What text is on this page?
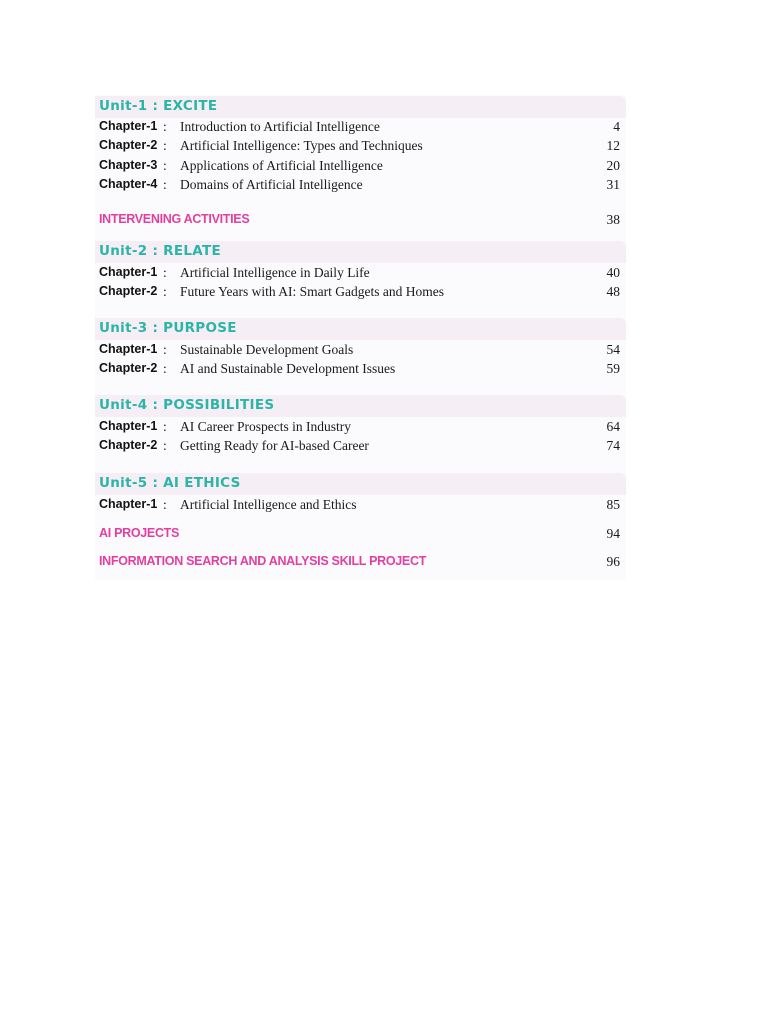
Unit-1 : EXCITE
Chapter-1 : Introduction to Artificial Intelligence	4
Chapter-2 : Artificial Intelligence: Types and Techniques	12
Chapter-3 : Applications of Artificial Intelligence	20
Chapter-4 : Domains of Artificial Intelligence	31
INTERVENING ACTIVITIES	38
Unit-2 : RELATE
Chapter-1 : Artificial Intelligence in Daily Life	40
Chapter-2 : Future Years with AI: Smart Gadgets and Homes	48
Unit-3 : PURPOSE
Chapter-1 : Sustainable Development Goals	54
Chapter-2 : AI and Sustainable Development Issues	59
Unit-4 : POSSIBILITIES
Chapter-1 : AI Career Prospects in Industry	64
Chapter-2 : Getting Ready for AI-based Career	74
Unit-5 : AI ETHICS
Chapter-1 : Artificial Intelligence and Ethics	85
AI PROJECTS	94
INFORMATION SEARCH AND ANALYSIS SKILL PROJECT	96
